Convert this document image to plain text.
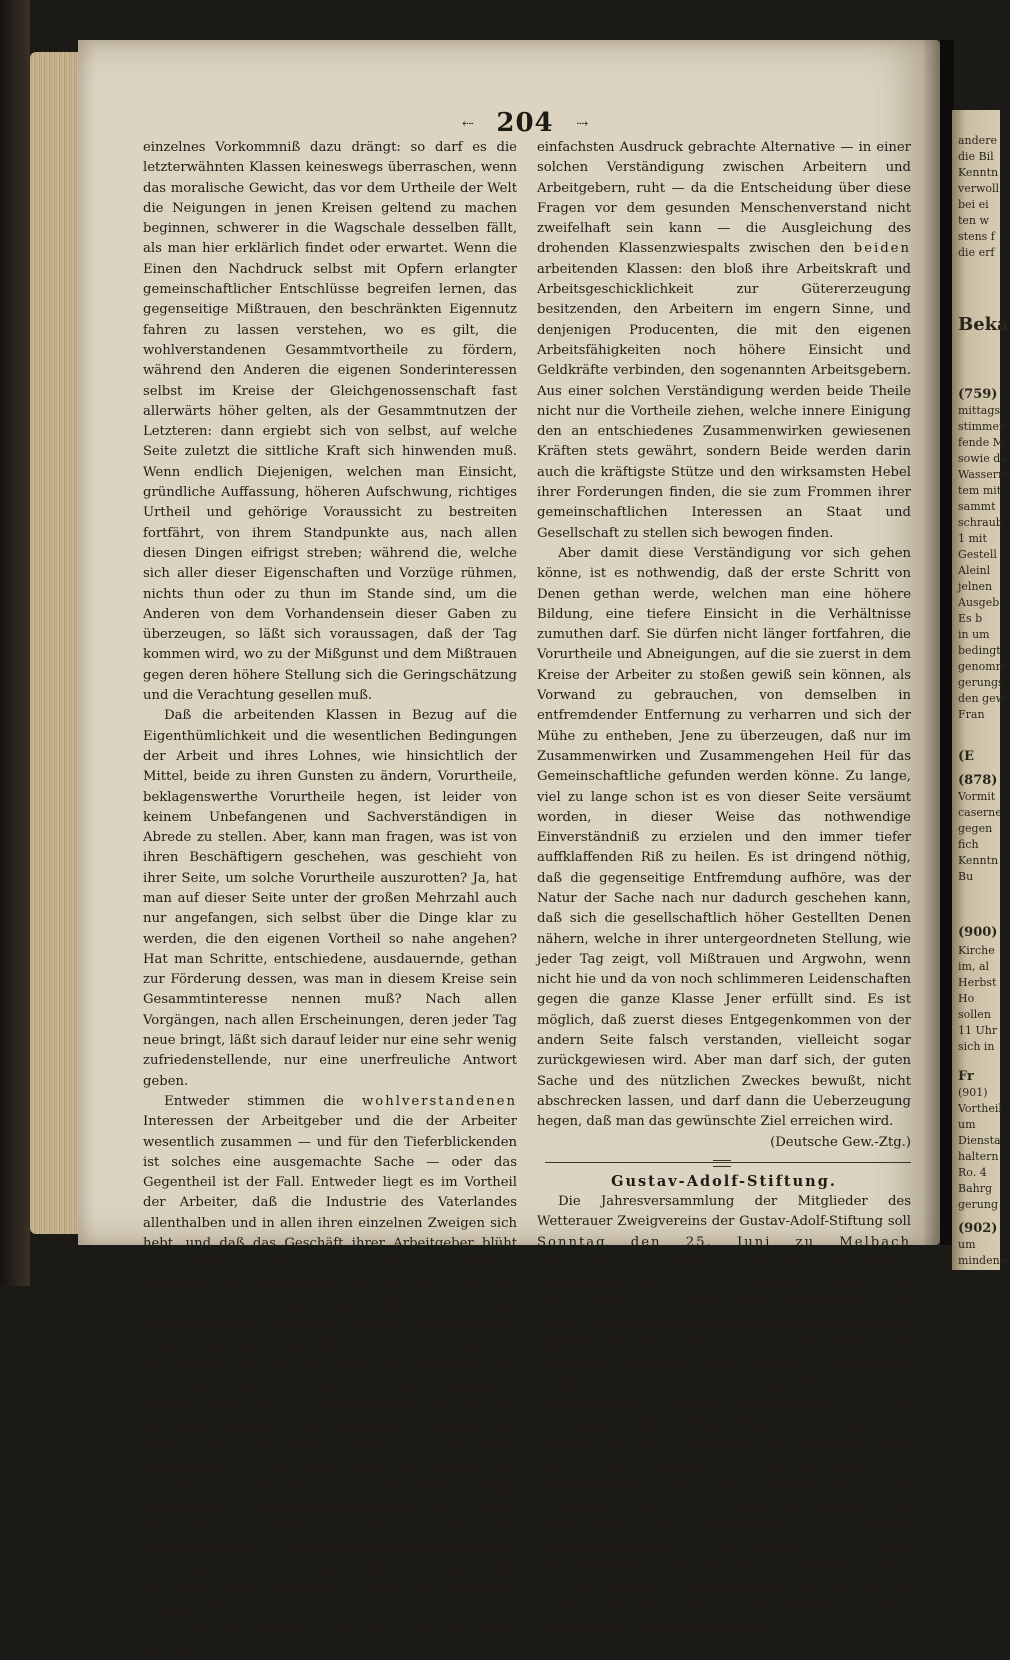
⇠ 204 ⇢

einzelnes Vorkommniß dazu drängt: so darf es die letzterwähnten Klassen keineswegs überraschen, wenn das moralische Gewicht, das vor dem Urtheile der Welt die Neigungen in jenen Kreisen geltend zu machen beginnen, schwerer in die Wagschale desselben fällt, als man hier erklärlich findet oder erwartet. Wenn die Einen den Nachdruck selbst mit Opfern erlangter gemeinschaftlicher Entschlüsse begreifen lernen, das gegenseitige Mißtrauen, den beschränkten Eigennutz fahren zu lassen verstehen, wo es gilt, die wohlverstandenen Gesammtvortheile zu fördern, während den Anderen die eigenen Sonderinteressen selbst im Kreise der Gleichgenossenschaft fast allerwärts höher gelten, als der Gesammtnutzen der Letzteren: dann ergiebt sich von selbst, auf welche Seite zuletzt die sittliche Kraft sich hinwenden muß. Wenn endlich Diejenigen, welchen man Einsicht, gründliche Auffassung, höheren Aufschwung, richtiges Urtheil und gehörige Voraussicht zu bestreiten fortfährt, von ihrem Standpunkte aus, nach allen diesen Dingen eifrigst streben; während die, welche sich aller dieser Eigenschaften und Vorzüge rühmen, nichts thun oder zu thun im Stande sind, um die Anderen von dem Vorhandensein dieser Gaben zu überzeugen, so läßt sich voraussagen, daß der Tag kommen wird, wo zu der Mißgunst und dem Mißtrauen gegen deren höhere Stellung sich die Geringschätzung und die Verachtung gesellen muß.

Daß die arbeitenden Klassen in Bezug auf die Eigenthümlichkeit und die wesentlichen Bedingungen der Arbeit und ihres Lohnes, wie hinsichtlich der Mittel, beide zu ihren Gunsten zu ändern, Vorurtheile, beklagenswerthe Vorurtheile hegen, ist leider von keinem Unbefangenen und Sachverständigen in Abrede zu stellen. Aber, kann man fragen, was ist von ihren Beschäftigern geschehen, was geschieht von ihrer Seite, um solche Vorurtheile auszurotten? Ja, hat man auf dieser Seite unter der großen Mehrzahl auch nur angefangen, sich selbst über die Dinge klar zu werden, die den eigenen Vortheil so nahe angehen? Hat man Schritte, entschiedene, ausdauernde, gethan zur Förderung dessen, was man in diesem Kreise sein Gesammtinteresse nennen muß? Nach allen Vorgängen, nach allen Erscheinungen, deren jeder Tag neue bringt, läßt sich darauf leider nur eine sehr wenig zufriedenstellende, nur eine unerfreuliche Antwort geben.

Entweder stimmen die wohlverstandenen Interessen der Arbeitgeber und die der Arbeiter wesentlich zusammen — und für den Tieferblickenden ist solches eine ausgemachte Sache — oder das Gegentheil ist der Fall. Entweder liegt es im Vortheil der Arbeiter, daß die Industrie des Vaterlandes allenthalben und in allen ihren einzelnen Zweigen sich hebt, und daß das Geschäft ihrer Arbeitgeber blüht und gedeiht; entweder liegt es auf der andern Seite im Interesse der Arbeitgeber, daß sie und alle ihre Genossen die Arbeiter vollauf und ohne Stockung beschäftigen und ihnen für tüchtige Arbeit tüchtigen Lohn geben können: oder Beides ist nicht der Fall, d. h. der Vortheil des Arbeiters hängt im Gegentheil von dem Verkümmern der Industrie, der des Arbeitgebers von dem Elend und der Entblößung des Arbeiters, von den Schwankungen in der Production ab, welche dazu führen. Wäre die letzte Behauptung, die ihren Widerspruch in sich selbst trägt, nun wirklich die richtige, so dürfte man freilich auf nichts eifriger hinstreben, als mit der Industrie überhaupt zu Rande zu kommen, sobald als möglich sich einer Erwerbthätigkeit zu entledigen, deren Gedeihen über diejenigen, deren Loos unzertrennlich damit verbunden ist, nach beiden Seiten hin Elend und Verderben bringen soll.

In der Verständigung über diese hier auf ihren letzten,

einfachsten Ausdruck gebrachte Alternative — in einer solchen Verständigung zwischen Arbeitern und Arbeitgebern, ruht — da die Entscheidung über diese Fragen vor dem gesunden Menschenverstand nicht zweifelhaft sein kann — die Ausgleichung des drohenden Klassenzwiespalts zwischen den beiden arbeitenden Klassen: den bloß ihre Arbeitskraft und Arbeitsgeschicklichkeit zur Gütererzeugung besitzenden, den Arbeitern im engern Sinne, und denjenigen Producenten, die mit den eigenen Arbeitsfähigkeiten noch höhere Einsicht und Geldkräfte verbinden, den sogenannten Arbeitsgebern. Aus einer solchen Verständigung werden beide Theile nicht nur die Vortheile ziehen, welche innere Einigung den an entschiedenes Zusammenwirken gewiesenen Kräften stets gewährt, sondern Beide werden darin auch die kräftigste Stütze und den wirksamsten Hebel ihrer Forderungen finden, die sie zum Frommen ihrer gemeinschaftlichen Interessen an Staat und Gesellschaft zu stellen sich bewogen finden.

Aber damit diese Verständigung vor sich gehen könne, ist es nothwendig, daß der erste Schritt von Denen gethan werde, welchen man eine höhere Bildung, eine tiefere Einsicht in die Verhältnisse zumuthen darf. Sie dürfen nicht länger fortfahren, die Vorurtheile und Abneigungen, auf die sie zuerst in dem Kreise der Arbeiter zu stoßen gewiß sein können, als Vorwand zu gebrauchen, von demselben in entfremdender Entfernung zu verharren und sich der Mühe zu entheben, Jene zu überzeugen, daß nur im Zusammenwirken und Zusammengehen Heil für das Gemeinschaftliche gefunden werden könne. Zu lange, viel zu lange schon ist es von dieser Seite versäumt worden, in dieser Weise das nothwendige Einverständniß zu erzielen und den immer tiefer auffklaffenden Riß zu heilen. Es ist dringend nöthig, daß die gegenseitige Entfremdung aufhöre, was der Natur der Sache nach nur dadurch geschehen kann, daß sich die gesellschaftlich höher Gestellten Denen nähern, welche in ihrer untergeordneten Stellung, wie jeder Tag zeigt, voll Mißtrauen und Argwohn, wenn nicht hie und da von noch schlimmeren Leidenschaften gegen die ganze Klasse Jener erfüllt sind. Es ist möglich, daß zuerst dieses Entgegenkommen von der andern Seite falsch verstanden, vielleicht sogar zurückgewiesen wird. Aber man darf sich, der guten Sache und des nützlichen Zweckes bewußt, nicht abschrecken lassen, und darf dann die Ueberzeugung hegen, daß man das gewünschte Ziel erreichen wird.

(Deutsche Gew.-Ztg.)

Gustav-Adolf-Stiftung.

Die Jahresversammlung der Mitglieder des Wetterauer Zweigvereins der Gustav-Adolf-Stiftung soll Sonntag den 25. Juni zu Melbach abgehalten werden und daselbst in der Kirche, Nachmittags um 2 Uhr beginnen. Indem die Unterschriebenen zu einem recht zahlreichen Besuche dieser Versammlung ergebenst einladen, bemerken sie zugleich, daß nach abgehaltenem Gottesdienste und erstattetem Berichte über folgende Gegenstände verhandelt werden soll: 1) Aenderung der Statuten des Landesvereines §. 5. und des Zweigvereines §. 3.; 2) Ob vorzugsweise die hülfsbedürftigen Gemeinden des Inlandes oder des Auslandes bei den Unterstützungen des Vereines berücksichtigt werden sollen? 3) Nothwendigkeit, daß der Verwaltungsrath zu Darmstadt vor der Vertheilung der Jahreseinnahme die Abgeordneten der Zweigvereine mit seinem Unterstützungsplane unter Angabe der Gründe bekannt mache; 4) Wahl des Vereinsvorstandes nach §. 10. der Statuten; 5) Bestimmung des Orts für die nächste Jahresversammlung. Sollte Jemand wünschen, außer diesen Gegenständen noch

andere
die Bil
Kenntn
verwoll
bei ei
ten w
stens f
die erf
Beka
(759)
mittags
stimmen
fende M
sowie da
Wasserrä
tem mit
sammt
schraub
1 mit
Gestell
Aleinl
jelnen
Ausgeb
Es b
in um
bedingt
genomm
gerungs
den gew
Fran
(E
(878)
Vormit
caserne
gegen
fich
Kenntn
Bu
(900)
Kirche
im, al
Herbst
Ho
sollen
11 Uhr
sich in
Fr
(901)
Vortheil
um
Diensta
haltern
Ro. 4
Bahrg
gerung
(902)
um
mindenw
